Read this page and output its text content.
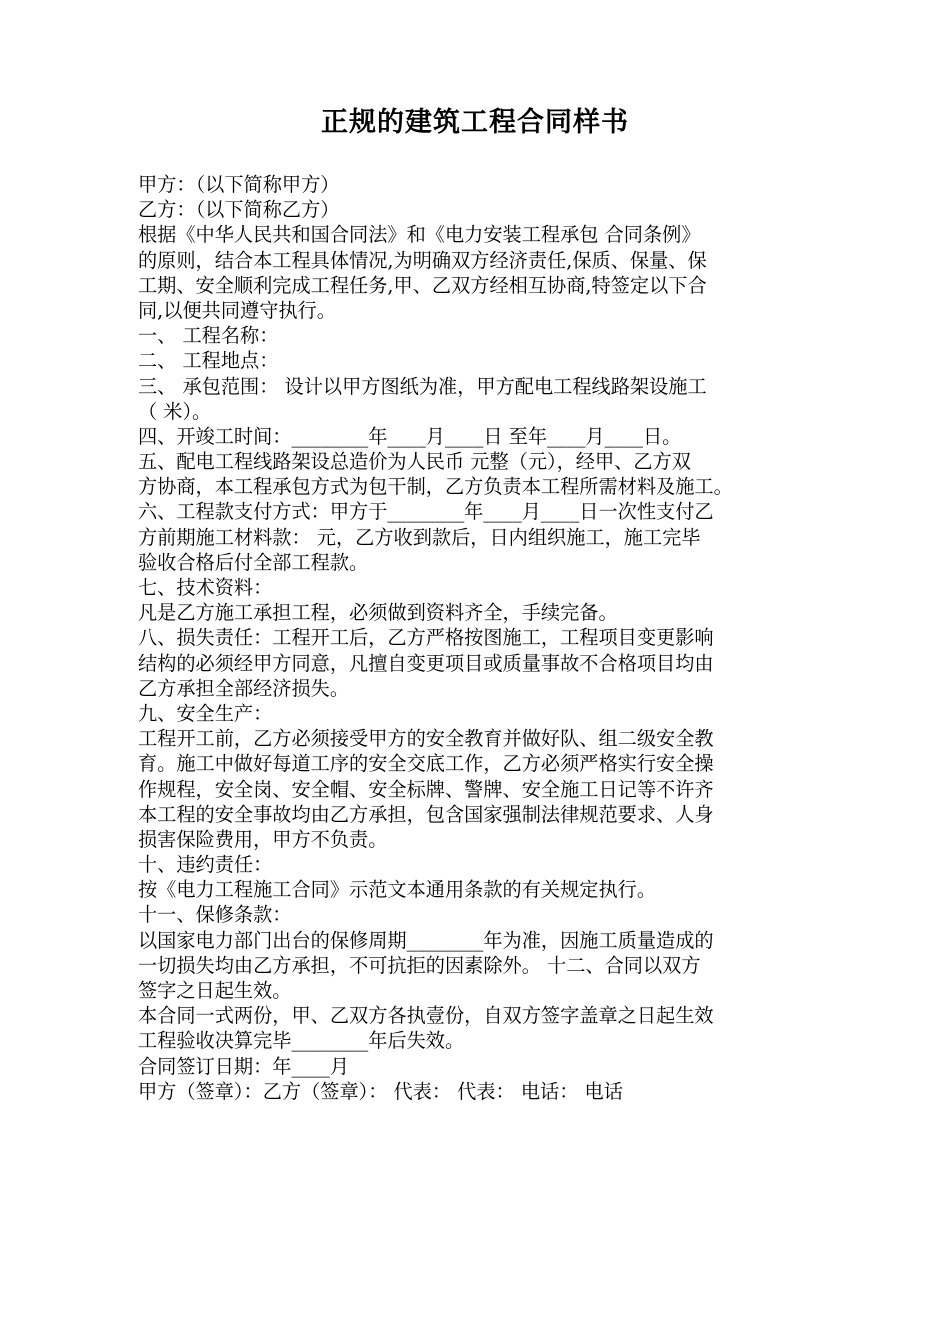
正规的建筑工程合同样书
甲方：（以下简称甲方）
乙方：（以下简称乙方）
根据《中华人民共和国合同法》和《电力安装工程承包 合同条例》
的原则，结合本工程具体情况,为明确双方经济责任,保质、保量、保
工期、安全顺利完成工程任务,甲、乙双方经相互协商,特签定以下合
同,以便共同遵守执行。
一、 工程名称：
二、 工程地点：
三、 承包范围： 设计以甲方图纸为准，甲方配电工程线路架设施工
（ 米）。
四、开竣工时间：________年____月____日 至年____月____日。
五、配电工程线路架设总造价为人民币 元整（元），经甲、乙方双
方协商，本工程承包方式为包干制，乙方负责本工程所需材料及施工。
六、工程款支付方式：甲方于________年____月____日一次性支付乙
方前期施工材料款： 元，乙方收到款后，日内组织施工，施工完毕
验收合格后付全部工程款。
七、技术资料：
凡是乙方施工承担工程，必须做到资料齐全，手续完备。
八、损失责任：工程开工后，乙方严格按图施工，工程项目变更影响
结构的必须经甲方同意，凡擅自变更项目或质量事故不合格项目均由
乙方承担全部经济损失。
九、安全生产：
工程开工前，乙方必须接受甲方的安全教育并做好队、组二级安全教
育。施工中做好每道工序的安全交底工作，乙方必须严格实行安全操
作规程，安全岗、安全帽、安全标牌、警牌、安全施工日记等不许齐
本工程的安全事故均由乙方承担，包含国家强制法律规范要求、人身
损害保险费用，甲方不负责。
十、违约责任：
按《电力工程施工合同》示范文本通用条款的有关规定执行。
十一、保修条款：
以国家电力部门出台的保修周期________年为准，因施工质量造成的
一切损失均由乙方承担，不可抗拒的因素除外。 十二、合同以双方
签字之日起生效。
本合同一式两份，甲、乙双方各执壹份，自双方签字盖章之日起生效
工程验收决算完毕________年后失效。
合同签订日期：年____月
甲方（签章）：乙方（签章）： 代表： 代表： 电话： 电话
